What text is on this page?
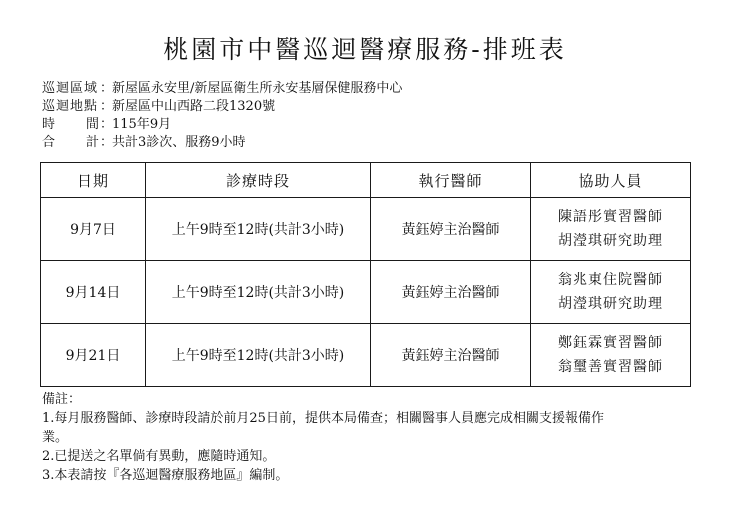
桃園市中醫巡迴醫療服務-排班表
巡迴區域 ：新屋區永安里/新屋區衛生所永安基層保健服務中心
巡迴地點 ：新屋區中山西路二段1320號
時 間：115年9月
合 計：共計3診次、服務9小時
日期	診療時段	執行醫師	協助人員
9月7日	上午9時至12時(共計3小時)	黃鈺婷主治醫師	陳語彤實習醫師
胡瀅琪研究助理

9月14日	上午9時至12時(共計3小時)	黃鈺婷主治醫師	翁兆東住院醫師
胡瀅琪研究助理

9月21日	上午9時至12時(共計3小時)	黃鈺婷主治醫師	鄭鈺霖實習醫師
翁璽善實習醫師
備註：
1.每月服務醫師、診療時段請於前月25日前，提供本局備查；相關醫事人員應完成相關支援報備作
業。
2.已提送之名單倘有異動，應隨時通知。
3.本表請按『各巡迴醫療服務地區』編制。
